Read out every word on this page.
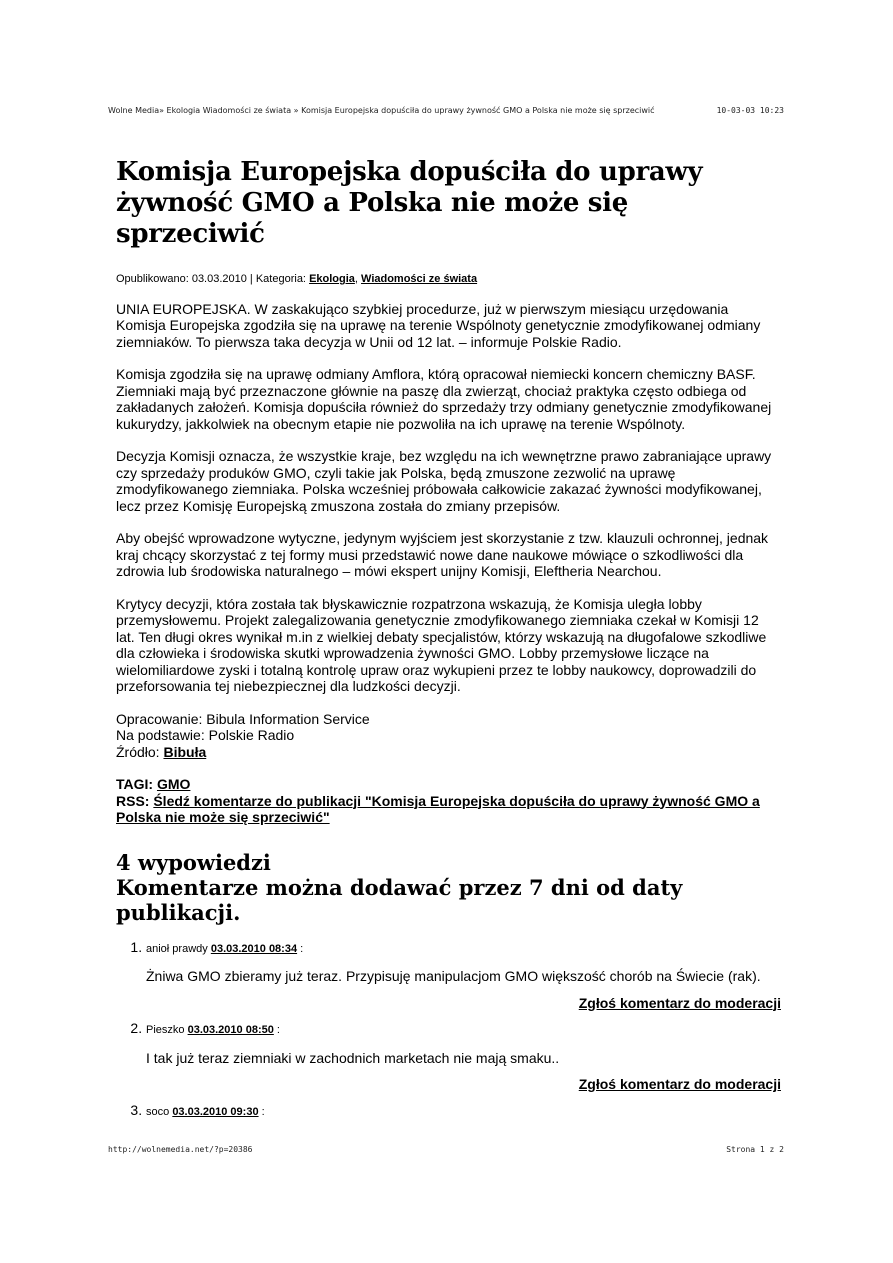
Wolne Media» Ekologia Wiadomości ze świata » Komisja Europejska dopuściła do uprawy żywność GMO a Polska nie może się sprzeciwić	10-03-03 10:23
Komisja Europejska dopuściła do uprawy żywność GMO a Polska nie może się sprzeciwić
Opublikowano: 03.03.2010 | Kategoria: Ekologia, Wiadomości ze świata

UNIA EUROPEJSKA. W zaskakująco szybkiej procedurze, już w pierwszym miesiącu urzędowania Komisja Europejska zgodziła się na uprawę na terenie Wspólnoty genetycznie zmodyfikowanej odmiany ziemniaków. To pierwsza taka decyzja w Unii od 12 lat. – informuje Polskie Radio.

Komisja zgodziła się na uprawę odmiany Amflora, którą opracował niemiecki koncern chemiczny BASF. Ziemniaki mają być przeznaczone głównie na paszę dla zwierząt, chociaż praktyka często odbiega od zakładanych założeń. Komisja dopuściła również do sprzedaży trzy odmiany genetycznie zmodyfikowanej kukurydzy, jakkolwiek na obecnym etapie nie pozwoliła na ich uprawę na terenie Wspólnoty.

Decyzja Komisji oznacza, że wszystkie kraje, bez względu na ich wewnętrzne prawo zabraniające uprawy czy sprzedaży produków GMO, czyli takie jak Polska, będą zmuszone zezwolić na uprawę zmodyfikowanego ziemniaka. Polska wcześniej próbowała całkowicie zakazać żywności modyfikowanej, lecz przez Komisję Europejską zmuszona została do zmiany przepisów.

Aby obejść wprowadzone wytyczne, jedynym wyjściem jest skorzystanie z tzw. klauzuli ochronnej, jednak kraj chcący skorzystać z tej formy musi przedstawić nowe dane naukowe mówiące o szkodliwości dla zdrowia lub środowiska naturalnego – mówi ekspert unijny Komisji, Eleftheria Nearchou.

Krytycy decyzji, która została tak błyskawicznie rozpatrzona wskazują, że Komisja uległa lobby przemysłowemu. Projekt zalegalizowania genetycznie zmodyfikowanego ziemniaka czekał w Komisji 12 lat. Ten długi okres wynikał m.in z wielkiej debaty specjalistów, którzy wskazują na długofalowe szkodliwe dla człowieka i środowiska skutki wprowadzenia żywności GMO. Lobby przemysłowe liczące na wielomiliardowe zyski i totalną kontrolę upraw oraz wykupieni przez te lobby naukowcy, doprowadzili do przeforsowania tej niebezpiecznej dla ludzkości decyzji.

Opracowanie: Bibula Information Service

Na podstawie: Polskie Radio

Źródło: Bibuła

TAGI: GMO
RSS: Śledź komentarze do publikacji "Komisja Europejska dopuściła do uprawy żywność GMO a Polska nie może się sprzeciwić"
4 wypowiedzi
Komentarze można dodawać przez 7 dni od daty publikacji.
1. anioł prawdy 03.03.2010 08:34 :
Żniwa GMO zbieramy już teraz. Przypisuję manipulacjom GMO większość chorób na Świecie (rak).
Zgłoś komentarz do moderacji
2. Pieszko 03.03.2010 08:50 :
I tak już teraz ziemniaki w zachodnich marketach nie mają smaku..
Zgłoś komentarz do moderacji
3. soco 03.03.2010 09:30 :
http://wolnemedia.net/?p=20386	Strona 1 z 2
